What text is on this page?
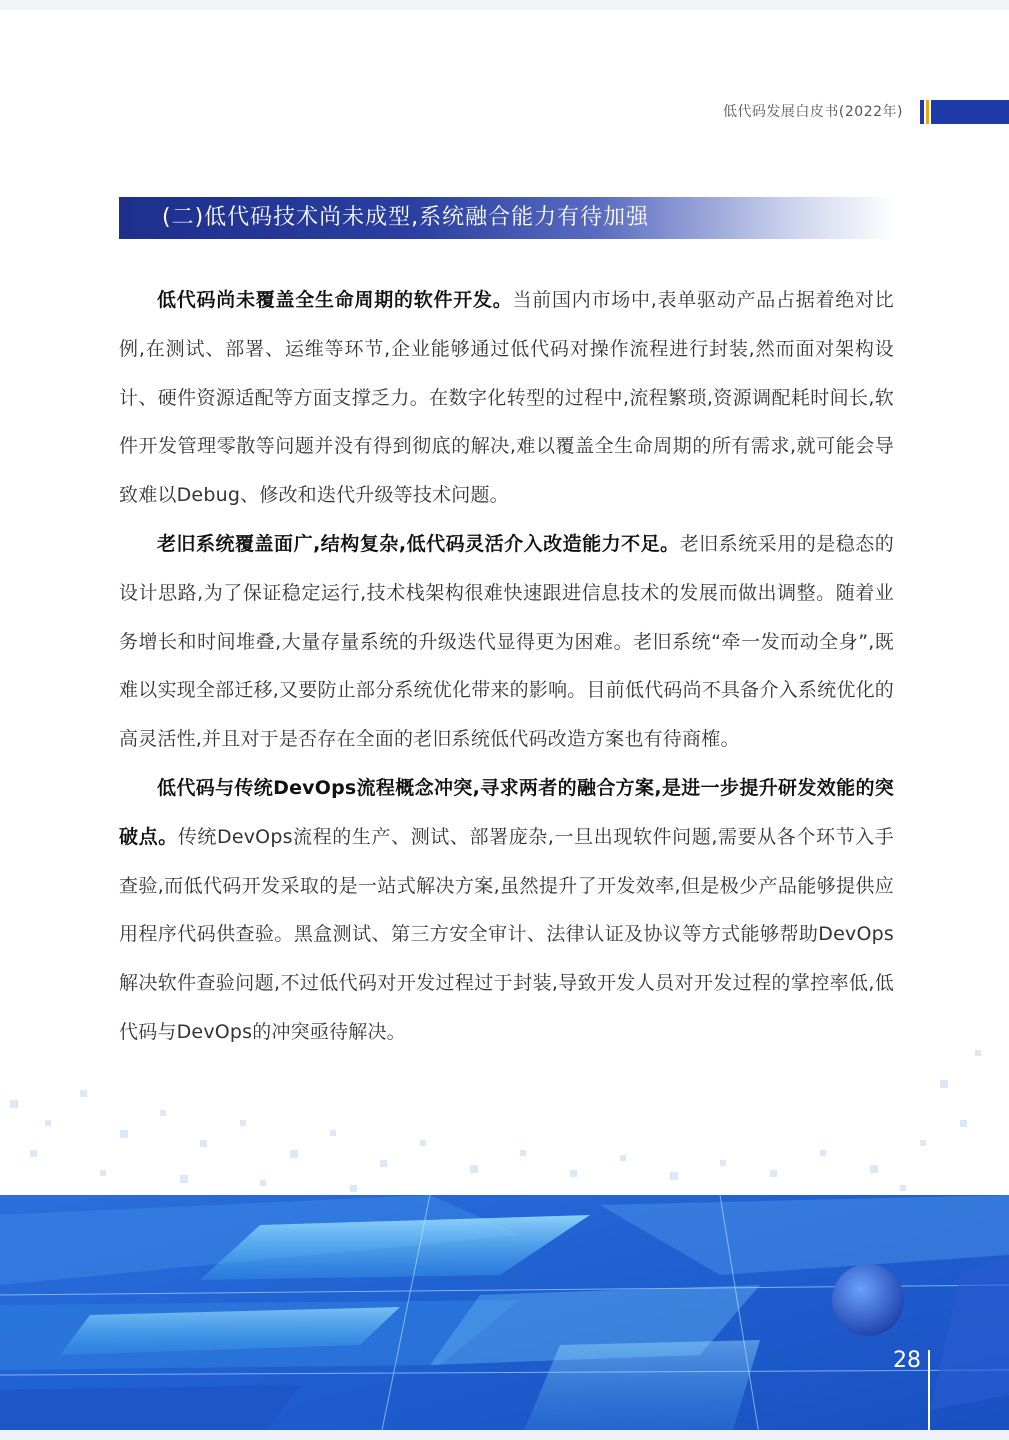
低代码发展白皮书(2022年)
(二)低代码技术尚未成型,系统融合能力有待加强

低代码尚未覆盖全生命周期的软件开发。当前国内市场中,表单驱动产品占据着绝对比例,在测试、部署、运维等环节,企业能够通过低代码对操作流程进行封装,然而面对架构设计、硬件资源适配等方面支撑乏力。在数字化转型的过程中,流程繁琐,资源调配耗时间长,软件开发管理零散等问题并没有得到彻底的解决,难以覆盖全生命周期的所有需求,就可能会导致难以Debug、修改和迭代升级等技术问题。

老旧系统覆盖面广,结构复杂,低代码灵活介入改造能力不足。老旧系统采用的是稳态的设计思路,为了保证稳定运行,技术栈架构很难快速跟进信息技术的发展而做出调整。随着业务增长和时间堆叠,大量存量系统的升级迭代显得更为困难。老旧系统“牵一发而动全身”,既难以实现全部迁移,又要防止部分系统优化带来的影响。目前低代码尚不具备介入系统优化的高灵活性,并且对于是否存在全面的老旧系统低代码改造方案也有待商榷。

低代码与传统DevOps流程概念冲突,寻求两者的融合方案,是进一步提升研发效能的突破点。传统DevOps流程的生产、测试、部署庞杂,一旦出现软件问题,需要从各个环节入手查验,而低代码开发采取的是一站式解决方案,虽然提升了开发效率,但是极少产品能够提供应用程序代码供查验。黑盒测试、第三方安全审计、法律认证及协议等方式能够帮助DevOps解决软件查验问题,不过低代码对开发过程过于封装,导致开发人员对开发过程的掌控率低,低代码与DevOps的冲突亟待解决。

28
